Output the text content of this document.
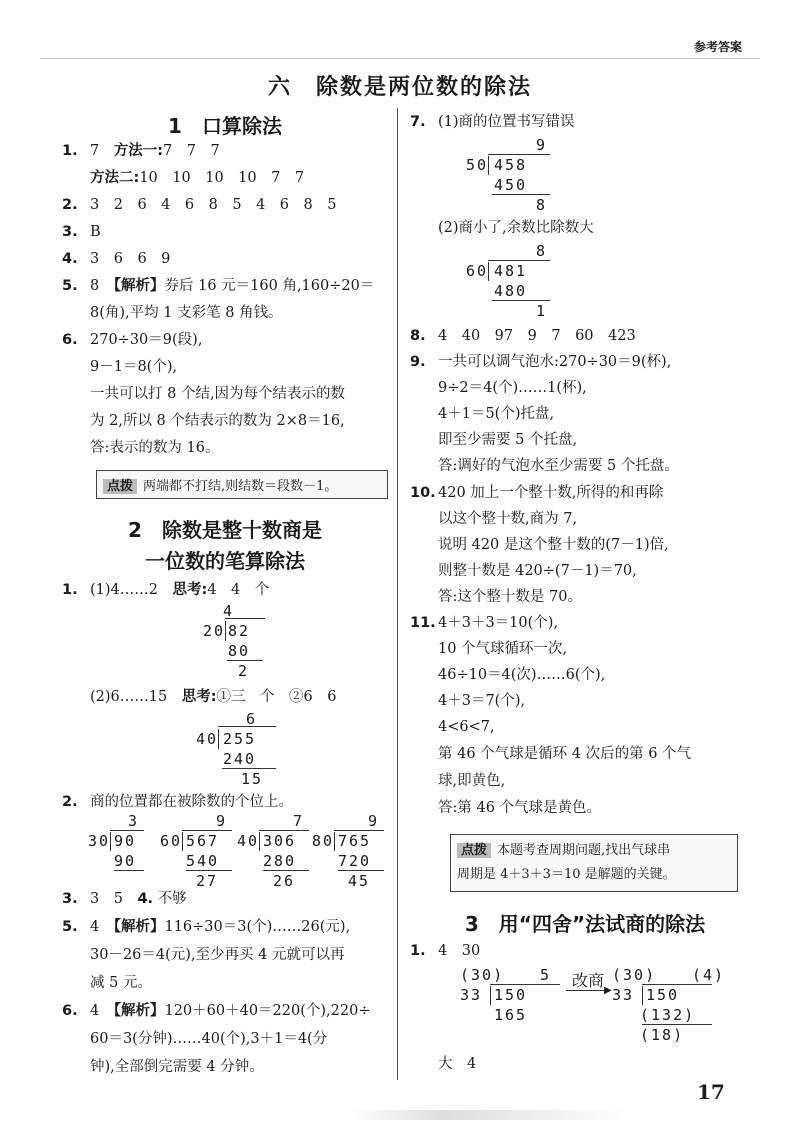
参考答案
六　除数是两位数的除法
1　口算除法
1. 7　方法一:7　7　7
方法二:10　10　10　10　7　7
2. 3　2　6　4　6　8　5　4　6　8　5
3. B
4. 3　6　6　9
5. 8　【解析】券后 16 元＝160 角,160÷20＝
8(角),平均 1 支彩笔 8 角钱。
6. 270÷30＝9(段),
9－1＝8(个),
一共可以打 8 个结,因为每个结表示的数
为 2,所以 8 个结表示的数为 2×8＝16,
答:表示的数为 16。
点拨 两端都不打结,则结数＝段数－1。
2　除数是整十数商是
一位数的笔算除法
1. (1)4……2　思考:4　4　个
4
20 82
80
2
(2)6……15　思考:①三　个　②6　6
6
40 255
240
15
2. 商的位置都在被除数的个位上。
3
30 90
90
9
60 567
540
27
7
40 306
280
26
9
80 765
720
45
3. 3　5　4. 不够
5. 4　【解析】116÷30＝3(个)……26(元),
30－26＝4(元),至少再买 4 元就可以再
减 5 元。
6. 4　【解析】120＋60＋40＝220(个),220÷
60＝3(分钟)……40(个),3＋1＝4(分
钟),全部倒完需要 4 分钟。
7. (1)商的位置书写错误
9
50 458
450
8
(2)商小了,余数比除数大
8
60 481
480
1
8. 4　40　97　9　7　60　423
9. 一共可以调气泡水:270÷30＝9(杯),
9÷2＝4(个)……1(杯),
4＋1＝5(个)托盘,
即至少需要 5 个托盘,
答:调好的气泡水至少需要 5 个托盘。
10. 420 加上一个整十数,所得的和再除
以这个整十数,商为 7,
说明 420 是这个整十数的(7－1)倍,
则整十数是 420÷(7－1)＝70,
答:这个整十数是 70。
11. 4＋3＋3＝10(个),
10 个气球循环一次,
46÷10＝4(次)……6(个),
4＋3＝7(个),
4<6<7,
第 46 个气球是循环 4 次后的第 6 个气
球,即黄色,
答:第 46 个气球是黄色。
点拨 本题考查周期问题,找出气球串
周期是 4＋3＋3＝10 是解题的关键。
3　用“四舍”法试商的除法
1. 4　30
(30) 5
33 150
165
改商
▶
(30) (4)
33 150
(132)
(18)
大　4
17
